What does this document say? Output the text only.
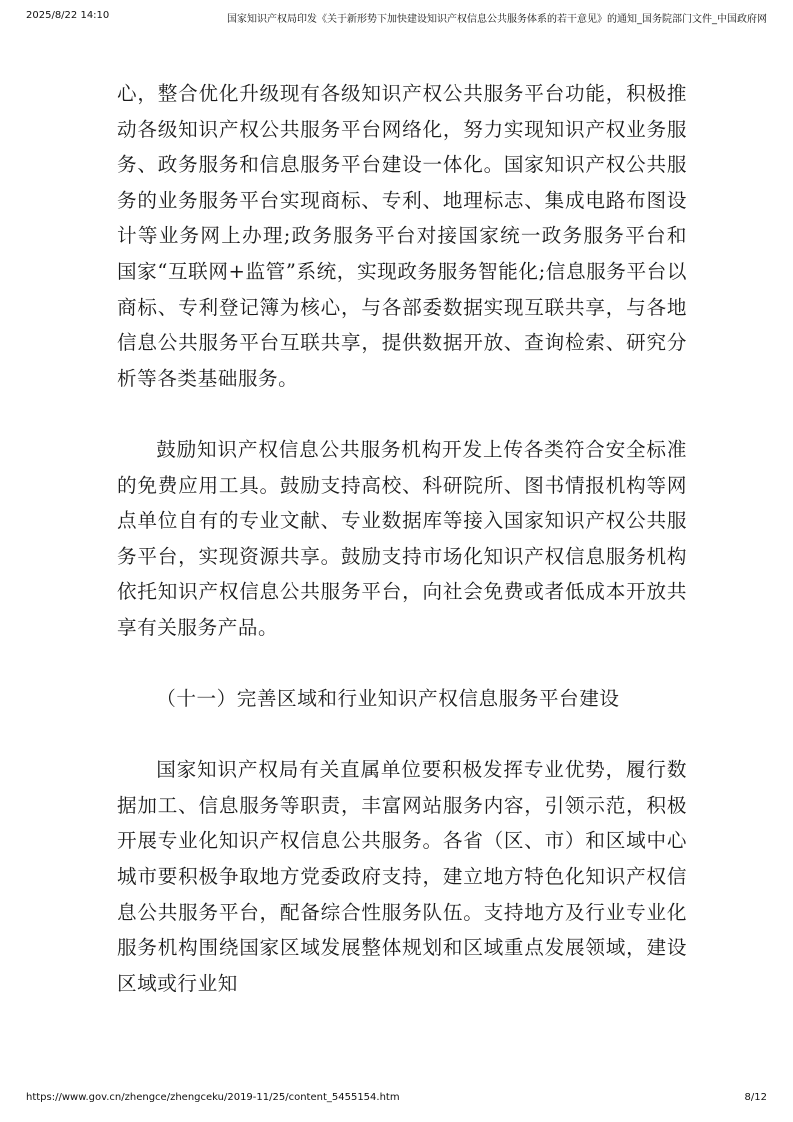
2025/8/22 14:10	国家知识产权局印发《关于新形势下加快建设知识产权信息公共服务体系的若干意见》的通知_国务院部门文件_中国政府网

心，整合优化升级现有各级知识产权公共服务平台功能，积极推动各级知识产权公共服务平台网络化，努力实现知识产权业务服务、政务服务和信息服务平台建设一体化。国家知识产权公共服务的业务服务平台实现商标、专利、地理标志、集成电路布图设计等业务网上办理;政务服务平台对接国家统一政务服务平台和国家“互联网+监管”系统，实现政务服务智能化;信息服务平台以商标、专利登记簿为核心，与各部委数据实现互联共享，与各地信息公共服务平台互联共享，提供数据开放、查询检索、研究分析等各类基础服务。

鼓励知识产权信息公共服务机构开发上传各类符合安全标准的免费应用工具。鼓励支持高校、科研院所、图书情报机构等网点单位自有的专业文献、专业数据库等接入国家知识产权公共服务平台，实现资源共享。鼓励支持市场化知识产权信息服务机构依托知识产权信息公共服务平台，向社会免费或者低成本开放共享有关服务产品。

（十一）完善区域和行业知识产权信息服务平台建设

国家知识产权局有关直属单位要积极发挥专业优势，履行数据加工、信息服务等职责，丰富网站服务内容，引领示范，积极开展专业化知识产权信息公共服务。各省（区、市）和区域中心城市要积极争取地方党委政府支持，建立地方特色化知识产权信息公共服务平台，配备综合性服务队伍。支持地方及行业专业化服务机构围绕国家区域发展整体规划和区域重点发展领域，建设区域或行业知

https://www.gov.cn/zhengce/zhengceku/2019-11/25/content_5455154.htm	8/12
